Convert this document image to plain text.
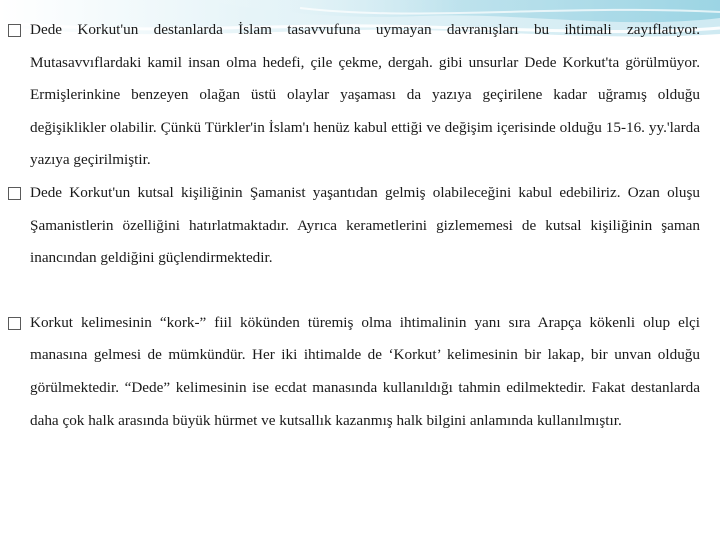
Dede Korkut'un destanlarda İslam tasavvufuna uymayan davranışları bu ihtimali zayıflatıyor. Mutasavvıflardaki kamil insan olma hedefi, çile çekme, dergah. gibi unsurlar Dede Korkut'ta görülmüyor. Ermişlerinkine benzeyen olağan üstü olaylar yaşaması da yazıya geçirilene kadar uğramış olduğu değişiklikler olabilir. Çünkü Türkler'in İslam'ı henüz kabul ettiği ve değişim içerisinde olduğu 15-16. yy.'larda yazıya geçirilmiştir.

Dede Korkut'un kutsal kişiliğinin Şamanist yaşantıdan gelmiş olabileceğini kabul edebiliriz. Ozan oluşu Şamanistlerin özelliğini hatırlatmaktadır. Ayrıca kerametlerini gizlememesi de kutsal kişiliğinin şaman inancından geldiğini güçlendirmektedir.

Korkut kelimesinin “kork-” fiil kökünden türemiş olma ihtimalinin yanı sıra Arapça kökenli olup elçi manasına gelmesi de mümkündür. Her iki ihtimalde de ‘Korkut’ kelimesinin bir lakap, bir unvan olduğu görülmektedir. “Dede” kelimesinin ise ecdat manasında kullanıldığı tahmin edilmektedir. Fakat destanlarda daha çok halk arasında büyük hürmet ve kutsallık kazanmış halk bilgini anlamında kullanılmıştır.
